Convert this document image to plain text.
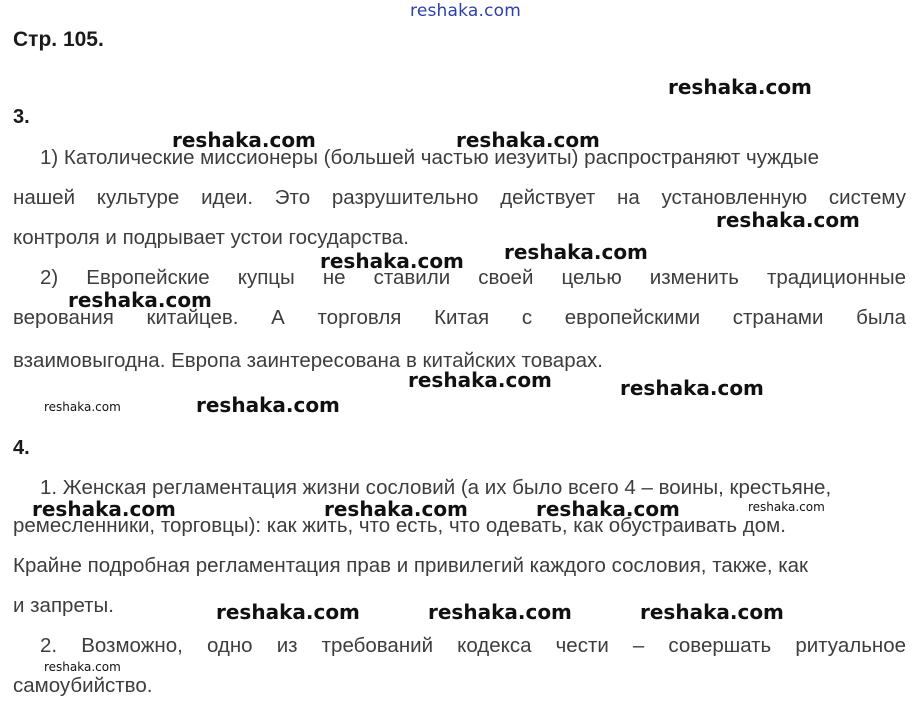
reshaka.com
Стр. 105.
3.
1) Католические миссионеры (большей частью иезуиты) распространяют чуждые
нашей культуре идеи. Это разрушительно действует на установленную систему
контроля и подрывает устои государства.
2) Европейские купцы не ставили своей целью изменить традиционные
верования китайцев. А торговля Китая с европейскими странами была
взаимовыгодна. Европа заинтересована в китайских товарах.
4.
1. Женская регламентация жизни сословий (а их было всего 4 – воины, крестьяне,
ремесленники, торговцы): как жить, что есть, что одевать, как обустраивать дом.
Крайне подробная регламентация прав и привилегий каждого сословия, также, как
и запреты.
2. Возможно, одно из требований кодекса чести – совершать ритуальное
самоубийство.
reshaka.com
reshaka.com	reshaka.com
reshaka.com
reshaka.com
reshaka.com
reshaka.com
reshaka.com	reshaka.com
reshaka.com
reshaka.com	reshaka.com	reshaka.com
reshaka.com	reshaka.com	reshaka.com
reshaka.com
reshaka.com
reshaka.com
